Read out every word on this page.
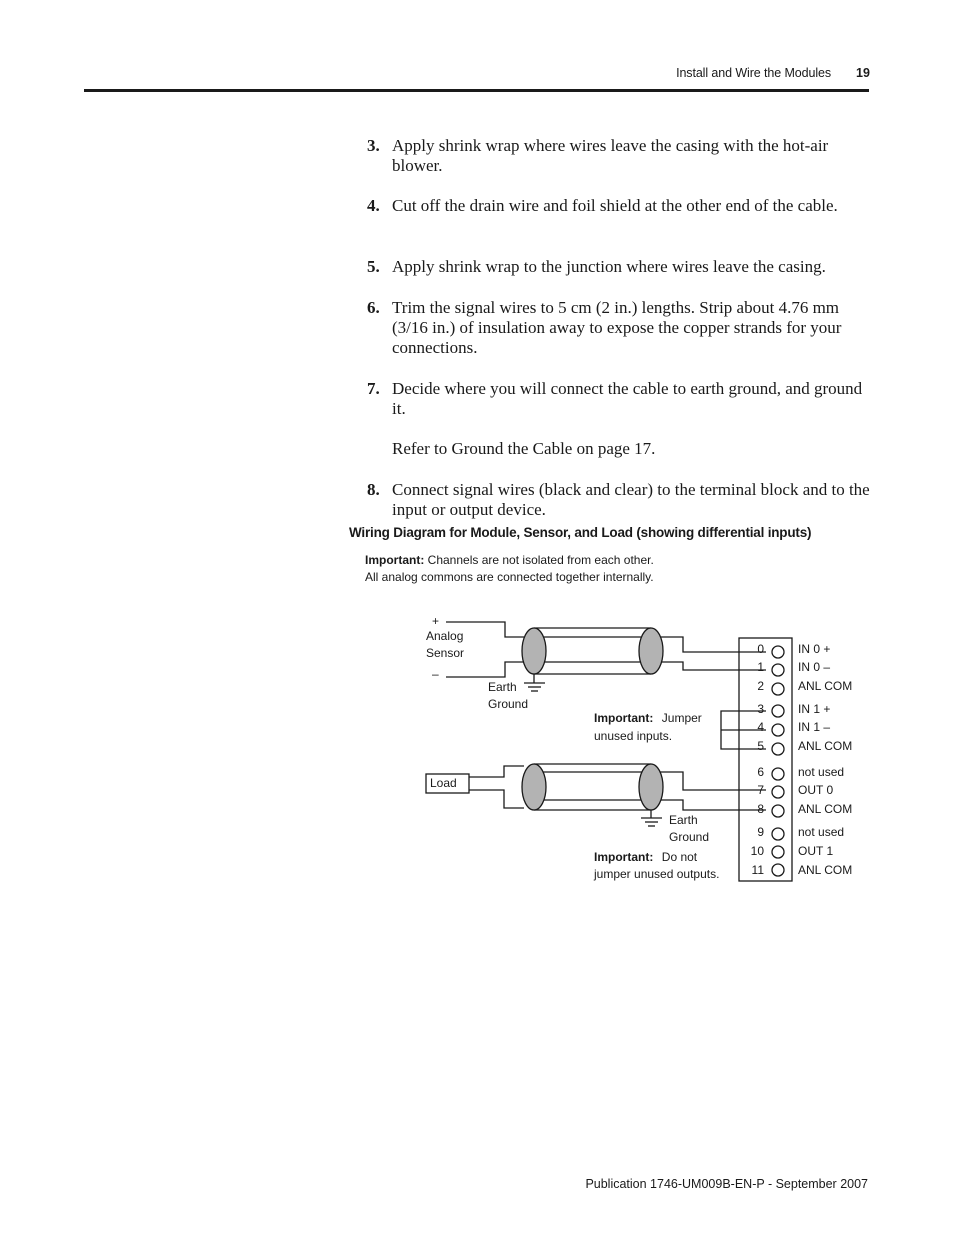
Install and Wire the Modules 19
3. Apply shrink wrap where wires leave the casing with the hot-air blower.
4. Cut off the drain wire and foil shield at the other end of the cable.
5. Apply shrink wrap to the junction where wires leave the casing.
6. Trim the signal wires to 5 cm (2 in.) lengths. Strip about 4.76 mm (3/16 in.) of insulation away to expose the copper strands for your connections.
7. Decide where you will connect the cable to earth ground, and ground it.
Refer to Ground the Cable on page 17.
8. Connect signal wires (black and clear) to the terminal block and to the input or output device.
Wiring Diagram for Module, Sensor, and Load (showing differential inputs)
Important: Channels are not isolated from each other.
All analog commons are connected together internally.
+
Analog
Sensor
–
Earth
Ground
Load
Earth
Ground
Important: Jumper
unused inputs.
Important: Do not
jumper unused outputs.
0
1
2
3
4
5
6
7
8
9
10
11
IN 0 +
IN 0 –
ANL COM
IN 1 +
IN 1 –
ANL COM
not used
OUT 0
ANL COM
not used
OUT 1
ANL COM
Publication 1746-UM009B-EN-P - September 2007
